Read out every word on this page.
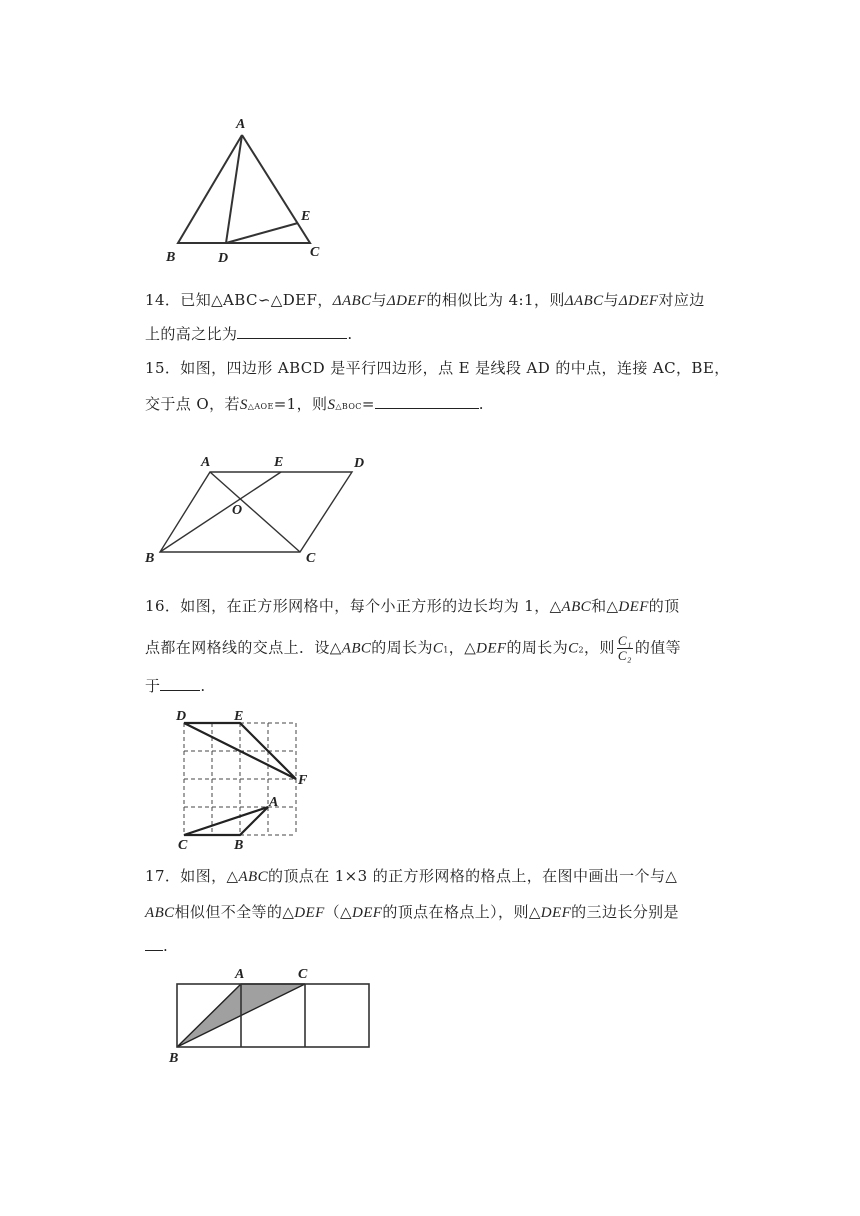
A
B	D	C
E
14．已知△ABC∽△DEF，ΔABC与ΔDEF的相似比为 4:1，则ΔABC与ΔDEF对应边
上的高之比为	.
15．如图，四边形 ABCD 是平行四边形，点 E 是线段 AD 的中点，连接 AC，BE，
交于点 O，若S△AOE=1，则S△BOC=	.
A	E	D
O
B	C
16．如图，在正方形网格中，每个小正方形的边长均为 1，△ABC和△DEF的顶
点都在网格线的交点上．设△ABC的周长为C1，△DEF的周长为C2，则 $\frac{\text{C₁}}{\text{C₂}}$ 的值等
于	.
D	E
F
A
C	B
17．如图，△ABC的顶点在 1×3 的正方形网格的格点上，在图中画出一个与△
ABC相似但不全等的△DEF（△DEF的顶点在格点上），则△DEF的三边长分别是
.
A	C
B
